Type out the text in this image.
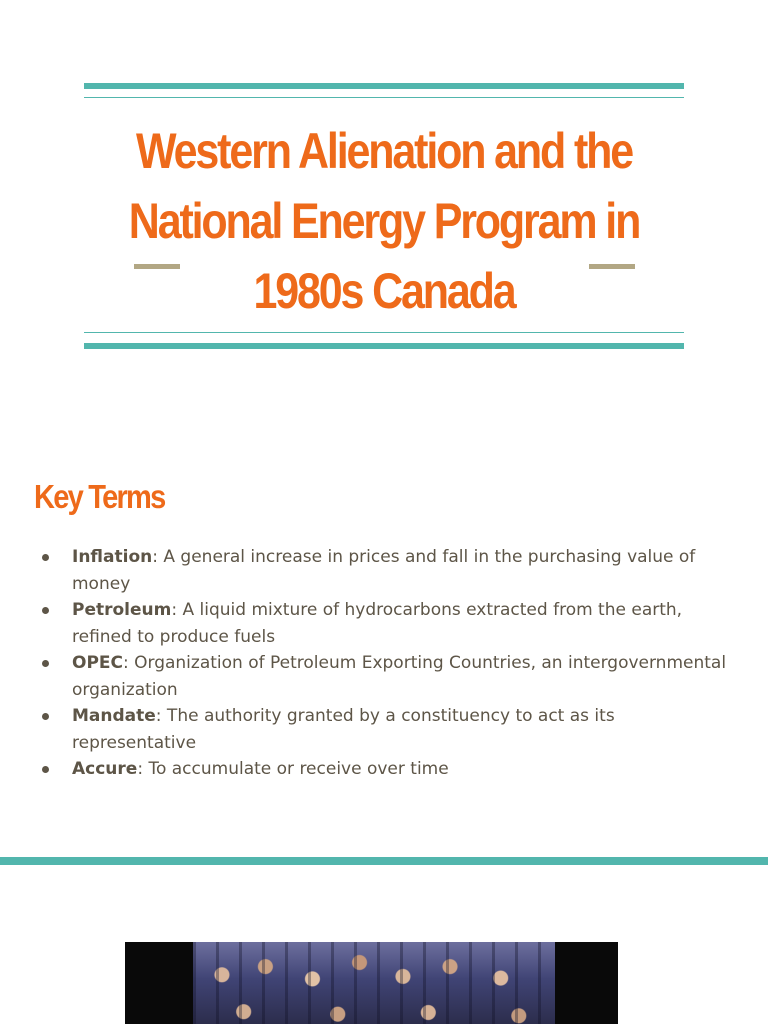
Western Alienation and the National Energy Program in 1980s Canada
Key Terms
Inflation: A general increase in prices and fall in the purchasing value of money
Petroleum: A liquid mixture of hydrocarbons extracted from the earth, refined to produce fuels
OPEC: Organization of Petroleum Exporting Countries, an intergovernmental organization
Mandate: The authority granted by a constituency to act as its representative
Accure: To accumulate or receive over time
